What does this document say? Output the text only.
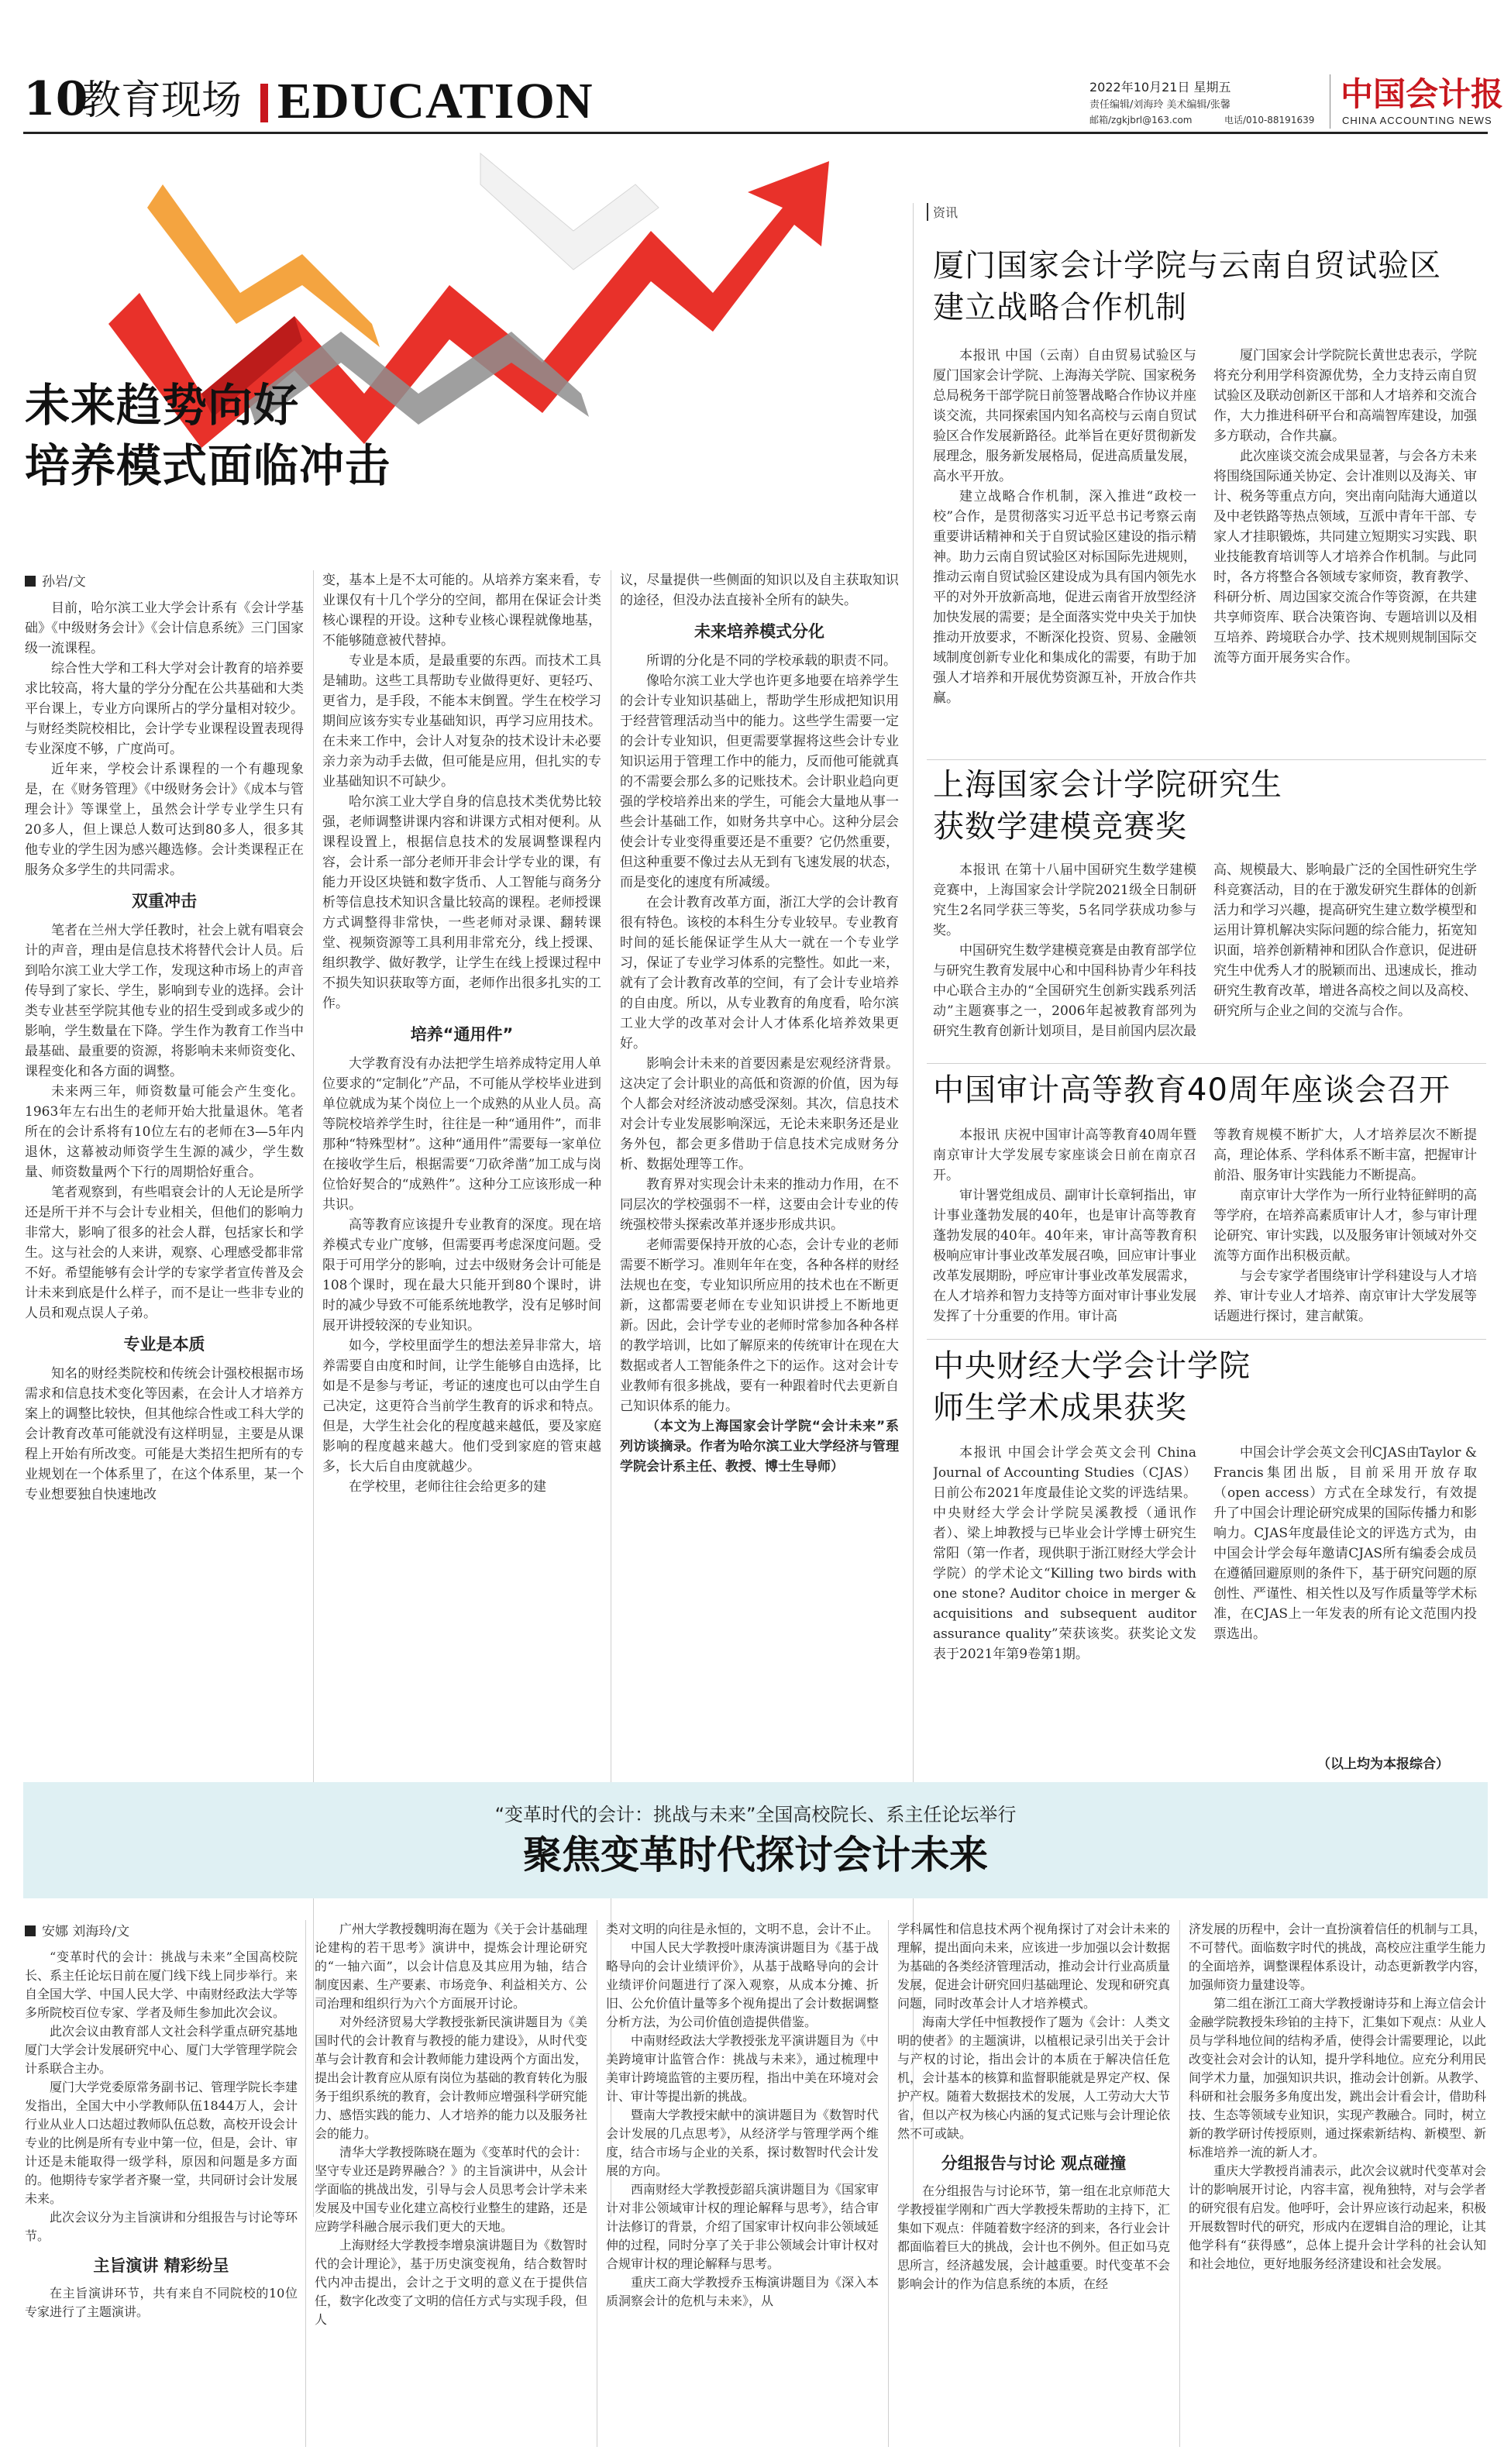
10
教育现场 EDUCATION	2022年10月21日 星期五
责任编辑/刘海玲 美术编辑/张馨
邮箱/zgkjbrl@163.com	电话/010-88191639
中国会计报
CHINA ACCOUNTING NEWS
未来趋势向好
培养模式面临冲击
孙岩/文

目前，哈尔滨工业大学会计系有《会计学基础》《中级财务会计》《会计信息系统》三门国家级一流课程。

综合性大学和工科大学对会计教育的培养要求比较高，将大量的学分分配在公共基础和大类平台课上，专业方向课所占的学分量相对较少。与财经类院校相比，会计学专业课程设置表现得专业深度不够，广度尚可。

近年来，学校会计系课程的一个有趣现象是，在《财务管理》《中级财务会计》《成本与管理会计》等课堂上，虽然会计学专业学生只有20多人，但上课总人数可达到80多人，很多其他专业的学生因为感兴趣选修。会计类课程正在服务众多学生的共同需求。

双重冲击

笔者在兰州大学任教时，社会上就有唱衰会计的声音，理由是信息技术将替代会计人员。后到哈尔滨工业大学工作，发现这种市场上的声音传导到了家长、学生，影响到专业的选择。会计类专业甚至学院其他专业的招生受到或多或少的影响，学生数量在下降。学生作为教育工作当中最基础、最重要的资源，将影响未来师资变化、课程变化和各方面的调整。

未来两三年，师资数量可能会产生变化。1963年左右出生的老师开始大批量退休。笔者所在的会计系将有10位左右的老师在3—5年内退休，这幕被动师资学生生源的减少，学生数量、师资数量两个下行的周期恰好重合。

笔者观察到，有些唱衰会计的人无论是所学还是所干并不与会计专业相关，但他们的影响力非常大，影响了很多的社会人群，包括家长和学生。这与社会的人来讲，观察、心理感受都非常不好。希望能够有会计学的专家学者宣传普及会计未来到底是什么样子，而不是让一些非专业的人员和观点误人子弟。

专业是本质

知名的财经类院校和传统会计强校根据市场需求和信息技术变化等因素，在会计人才培养方案上的调整比较快，但其他综合性或工科大学的会计教育改革可能就没有这样明显，主要是从课程上开始有所改变。可能是大类招生把所有的专业规划在一个体系里了，在这个体系里，某一个专业想要独自快速地改

变，基本上是不太可能的。从培养方案来看，专业课仅有十几个学分的空间，都用在保证会计类核心课程的开设。这种专业核心课程就像地基，不能够随意被代替掉。

专业是本质，是最重要的东西。而技术工具是辅助。这些工具帮助专业做得更好、更轻巧、更省力，是手段，不能本末倒置。学生在校学习期间应该夯实专业基础知识，再学习应用技术。在未来工作中，会计人对复杂的技术设计未必要亲力亲为动手去做，但可能是应用，但扎实的专业基础知识不可缺少。

哈尔滨工业大学自身的信息技术类优势比较强，老师调整讲课内容和讲课方式相对便利。从课程设置上，根据信息技术的发展调整课程内容，会计系一部分老师开非会计学专业的课，有能力开设区块链和数字货币、人工智能与商务分析等信息技术知识含量比较高的课程。老师授课方式调整得非常快，一些老师对录课、翻转课堂、视频资源等工具利用非常充分，线上授课、组织教学、做好教学，让学生在线上授课过程中不损失知识获取等方面，老师作出很多扎实的工作。

培养“通用件”

大学教育没有办法把学生培养成特定用人单位要求的“定制化”产品，不可能从学校毕业进到单位就成为某个岗位上一个成熟的从业人员。高等院校培养学生时，往往是一种“通用件”，而非那种“特殊型材”。这种“通用件”需要每一家单位在接收学生后，根据需要“刀砍斧凿”加工成与岗位恰好契合的“成熟件”。这种分工应该形成一种共识。

高等教育应该提升专业教育的深度。现在培养模式专业广度够，但需要再考虑深度问题。受限于可用学分的影响，过去中级财务会计可能是108个课时，现在最大只能开到80个课时，讲时的减少导致不可能系统地教学，没有足够时间展开讲授较深的专业知识。

如今，学校里面学生的想法差异非常大，培养需要自由度和时间，让学生能够自由选择，比如是不是参与考证，考证的速度也可以由学生自己决定，这更符合当前学生教育的诉求和特点。但是，大学生社会化的程度越来越低，要及家庭影响的程度越来越大。他们受到家庭的管束越多，长大后自由度就越少。

在学校里，老师往往会给更多的建

议，尽量提供一些侧面的知识以及自主获取知识的途径，但没办法直接补全所有的缺失。

未来培养模式分化

所谓的分化是不同的学校承载的职责不同。

像哈尔滨工业大学也许更多地要在培养学生的会计专业知识基础上，帮助学生形成把知识用于经营管理活动当中的能力。这些学生需要一定的会计专业知识，但更需要掌握将这些会计专业知识运用于管理工作中的能力，反而他可能就真的不需要会那么多的记账技术。会计职业趋向更强的学校培养出来的学生，可能会大量地从事一些会计基础工作，如财务共享中心。这种分层会使会计专业变得重要还是不重要？它仍然重要，但这种重要不像过去从无到有飞速发展的状态，而是变化的速度有所减缓。

在会计教育改革方面，浙江大学的会计教育很有特色。该校的本科生分专业较早。专业教育时间的延长能保证学生从大一就在一个专业学习，保证了专业学习体系的完整性。如此一来，就有了会计教育改革的空间，有了会计专业培养的自由度。所以，从专业教育的角度看，哈尔滨工业大学的改革对会计人才体系化培养效果更好。

影响会计未来的首要因素是宏观经济背景。这决定了会计职业的高低和资源的价值，因为每个人都会对经济波动感受深刻。其次，信息技术对会计专业发展影响深远，无论未来职务还是业务外包，都会更多借助于信息技术完成财务分析、数据处理等工作。

教育界对实现会计未来的推动力作用，在不同层次的学校强弱不一样，这要由会计专业的传统强校带头探索改革并逐步形成共识。

老师需要保持开放的心态，会计专业的老师需要不断学习。准则年年在变，各种各样的财经法规也在变，专业知识所应用的技术也在不断更新，这都需要老师在专业知识讲授上不断地更新。因此，会计学专业的老师时常参加各种各样的教学培训，比如了解原来的传统审计在现在大数据或者人工智能条件之下的运作。这对会计专业教师有很多挑战，要有一种跟着时代去更新自己知识体系的能力。

（本文为上海国家会计学院“会计未来”系列访谈摘录。作者为哈尔滨工业大学经济与管理学院会计系主任、教授、博士生导师）

资讯
厦门国家会计学院与云南自贸试验区
建立战略合作机制

本报讯 中国（云南）自由贸易试验区与厦门国家会计学院、上海海关学院、国家税务总局税务干部学院日前签署战略合作协议并座谈交流，共同探索国内知名高校与云南自贸试验区合作发展新路径。此举旨在更好贯彻新发展理念，服务新发展格局，促进高质量发展，高水平开放。

建立战略合作机制，深入推进“政校一校”合作，是贯彻落实习近平总书记考察云南重要讲话精神和关于自贸试验区建设的指示精神。助力云南自贸试验区对标国际先进规则，推动云南自贸试验区建设成为具有国内领先水平的对外开放新高地，促进云南省开放型经济加快发展的需要；是全面落实党中央关于加快推动开放要求，不断深化投资、贸易、金融领域制度创新专业化和集成化的需要，有助于加强人才培养和开展优势资源互补，开放合作共赢。

厦门国家会计学院院长黄世忠表示，学院将充分利用学科资源优势，全力支持云南自贸试验区及联动创新区干部和人才培养和交流合作，大力推进科研平台和高端智库建设，加强多方联动，合作共赢。

此次座谈交流会成果显著，与会各方未来将围绕国际通关协定、会计准则以及海关、审计、税务等重点方向，突出南向陆海大通道以及中老铁路等热点领域，互派中青年干部、专家人才挂职锻炼，共同建立短期实习实践、职业技能教育培训等人才培养合作机制。与此同时，各方将整合各领域专家师资，教育教学、科研分析、周边国家交流合作等资源，在共建共享师资库、联合决策咨询、专题培训以及相互培养、跨境联合办学、技术规则规制国际交流等方面开展务实合作。

上海国家会计学院研究生
获数学建模竞赛奖

本报讯 在第十八届中国研究生数学建模竞赛中，上海国家会计学院2021级全日制研究生2名同学获三等奖，5名同学获成功参与奖。

中国研究生数学建模竞赛是由教育部学位与研究生教育发展中心和中国科协青少年科技中心联合主办的“全国研究生创新实践系列活动”主题赛事之一，2006年起被教育部列为研究生教育创新计划项目，是目前国内层次最

高、规模最大、影响最广泛的全国性研究生学科竞赛活动，目的在于激发研究生群体的创新活力和学习兴趣，提高研究生建立数学模型和运用计算机解决实际问题的综合能力，拓宽知识面，培养创新精神和团队合作意识，促进研究生中优秀人才的脱颖而出、迅速成长，推动研究生教育改革，增进各高校之间以及高校、研究所与企业之间的交流与合作。

中国审计高等教育40周年座谈会召开

本报讯 庆祝中国审计高等教育40周年暨南京审计大学发展专家座谈会日前在南京召开。

审计署党组成员、副审计长章轲指出，审计事业蓬勃发展的40年，也是审计高等教育蓬勃发展的40年。40年来，审计高等教育积极响应审计事业改革发展召唤，回应审计事业改革发展期盼，呼应审计事业改革发展需求，在人才培养和智力支持等方面对审计事业发展发挥了十分重要的作用。审计高

等教育规模不断扩大，人才培养层次不断提高，理论体系、学科体系不断丰富，把握审计前沿、服务审计实践能力不断提高。

南京审计大学作为一所行业特征鲜明的高等学府，在培养高素质审计人才，参与审计理论研究、审计实践，以及服务审计领域对外交流等方面作出积极贡献。

与会专家学者围绕审计学科建设与人才培养、审计专业人才培养、南京审计大学发展等话题进行探讨，建言献策。

中央财经大学会计学院
师生学术成果获奖

本报讯 中国会计学会英文会刊 China Journal of Accounting Studies（CJAS）日前公布2021年度最佳论文奖的评选结果。中央财经大学会计学院吴溪教授（通讯作者）、梁上坤教授与已毕业会计学博士研究生常阳（第一作者，现供职于浙江财经大学会计学院）的学术论文“Killing two birds with one stone? Auditor choice in merger & acquisitions and subsequent auditor assurance quality”荣获该奖。获奖论文发表于2021年第9卷第1期。

中国会计学会英文会刊CJAS由Taylor & Francis集团出版，目前采用开放存取（open access）方式在全球发行，有效提升了中国会计理论研究成果的国际传播力和影响力。CJAS年度最佳论文的评选方式为，由中国会计学会每年邀请CJAS所有编委会成员在遵循回避原则的条件下，基于研究问题的原创性、严谨性、相关性以及写作质量等学术标准，在CJAS上一年发表的所有论文范围内投票选出。

（以上均为本报综合）
“变革时代的会计：挑战与未来”全国高校院长、系主任论坛举行
聚焦变革时代探讨会计未来
安娜 刘海玲/文

“变革时代的会计：挑战与未来”全国高校院长、系主任论坛日前在厦门线下线上同步举行。来自全国大学、中国人民大学、中南财经政法大学等多所院校百位专家、学者及师生参加此次会议。

此次会议由教育部人文社会科学重点研究基地厦门大学会计发展研究中心、厦门大学管理学院会计系联合主办。

厦门大学党委原常务副书记、管理学院长李建发指出，全国大中小学教师队伍1844万人，会计行业从业人口达超过教师队伍总数，高校开设会计专业的比例是所有专业中第一位，但是，会计、审计还是未能取得一级学科，原因和问题是多方面的。他期待专家学者齐聚一堂，共同研讨会计发展未来。

此次会议分为主旨演讲和分组报告与讨论等环节。

主旨演讲 精彩纷呈

在主旨演讲环节，共有来自不同院校的10位专家进行了主题演讲。

广州大学教授魏明海在题为《关于会计基础理论建构的若干思考》演讲中，提炼会计理论研究的“一轴六面”，以会计信息及其应用为轴，结合制度因素、生产要素、市场竞争、利益相关方、公司治理和组织行为六个方面展开讨论。

对外经济贸易大学教授张新民演讲题目为《美国时代的会计教育与教授的能力建设》，从时代变革与会计教育和会计教师能力建设两个方面出发，提出会计教育应从原有岗位为基础的教育转化为服务于组织系统的教育，会计教师应增强科学研究能力、感悟实践的能力、人才培养的能力以及服务社会的能力。

清华大学教授陈晓在题为《变革时代的会计：坚守专业还是跨界融合？》的主旨演讲中，从会计学面临的挑战出发，引导与会人员思考会计学未来发展及中国专业化建立高校行业整生的建路，还是应跨学科融合展示我们更大的天地。

上海财经大学教授李增泉演讲题目为《数智时代的会计理论》，基于历史演变视角，结合数智时代内冲击提出，会计之于文明的意义在于提供信任，数字化改变了文明的信任方式与实现手段，但人

类对文明的向往是永恒的，文明不息，会计不止。

中国人民大学教授叶康涛演讲题目为《基于战略导向的会计业绩评价》，从基于战略导向的会计业绩评价问题进行了深入观察，从成本分摊、折旧、公允价值计量等多个视角提出了会计数据调整分析方法，为公司价值创造提供借鉴。

中南财经政法大学教授张龙平演讲题目为《中美跨境审计监管合作：挑战与未来》，通过梳理中美审计跨境监管的主要历程，指出中美在环境对会计、审计等提出新的挑战。

暨南大学教授宋献中的演讲题目为《数智时代会计发展的几点思考》，从经济学与管理学两个维度，结合市场与企业的关系，探讨数智时代会计发展的方向。

西南财经大学教授彭韶兵演讲题目为《国家审计对非公领域审计权的理论解释与思考》，结合审计法修订的背景，介绍了国家审计权向非公领域延伸的过程，同时分享了关于非公领域会计审计权对合规审计权的理论解释与思考。

重庆工商大学教授乔玉梅演讲题目为《深入本质洞察会计的危机与未来》，从

学科属性和信息技术两个视角探讨了对会计未来的理解，提出面向未来，应该进一步加强以会计数据为基础的各类经济管理活动，推动会计行业高质量发展，促进会计研究回归基础理论、发现和研究真问题，同时改革会计人才培养模式。

海南大学任中恒教授作了题为《会计：人类文明的使者》的主题演讲，以植根记录引出关于会计与产权的讨论，指出会计的本质在于解决信任危机，会计基本的核算和监督职能就是界定产权、保护产权。随着大数据技术的发展，人工劳动大大节省，但以产权为核心内涵的复式记账与会计理论依然不可或缺。

分组报告与讨论 观点碰撞

在分组报告与讨论环节，第一组在北京师范大学教授崔学刚和广西大学教授朱帮助的主持下，汇集如下观点：伴随着数字经济的到来，各行业会计都面临着巨大的挑战，会计也不例外。但正如马克思所言，经济越发展，会计越重要。时代变革不会影响会计的作为信息系统的本质，在经

济发展的历程中，会计一直扮演着信任的机制与工具，不可替代。面临数字时代的挑战，高校应注重学生能力的全面培养，调整课程体系设计，动态更新教学内容，加强师资力量建设等。

第二组在浙江工商大学教授谢诗芬和上海立信会计金融学院教授朱珍铂的主持下，汇集如下观点：从业人员与学科地位间的结构矛盾，使得会计需要理论，以此改变社会对会计的认知，提升学科地位。应充分利用民间学术力量，加强知识共识，推动会计创新。从教学、科研和社会服务多角度出发，跳出会计看会计，借助科技、生态等领域专业知识，实现产教融合。同时，树立新的教学研讨传授原则，通过探索新结构、新模型、新标准培养一流的新人才。

重庆大学教授肖浦表示，此次会议就时代变革对会计的影响展开讨论，内容丰富，视角独特，对与会学者的研究很有启发。他呼吁，会计界应该行动起来，积极开展数智时代的研究，形成内在逻辑自洽的理论，让其他学科有“获得感”，总体上提升会计学科的社会认知和社会地位，更好地服务经济建设和社会发展。
